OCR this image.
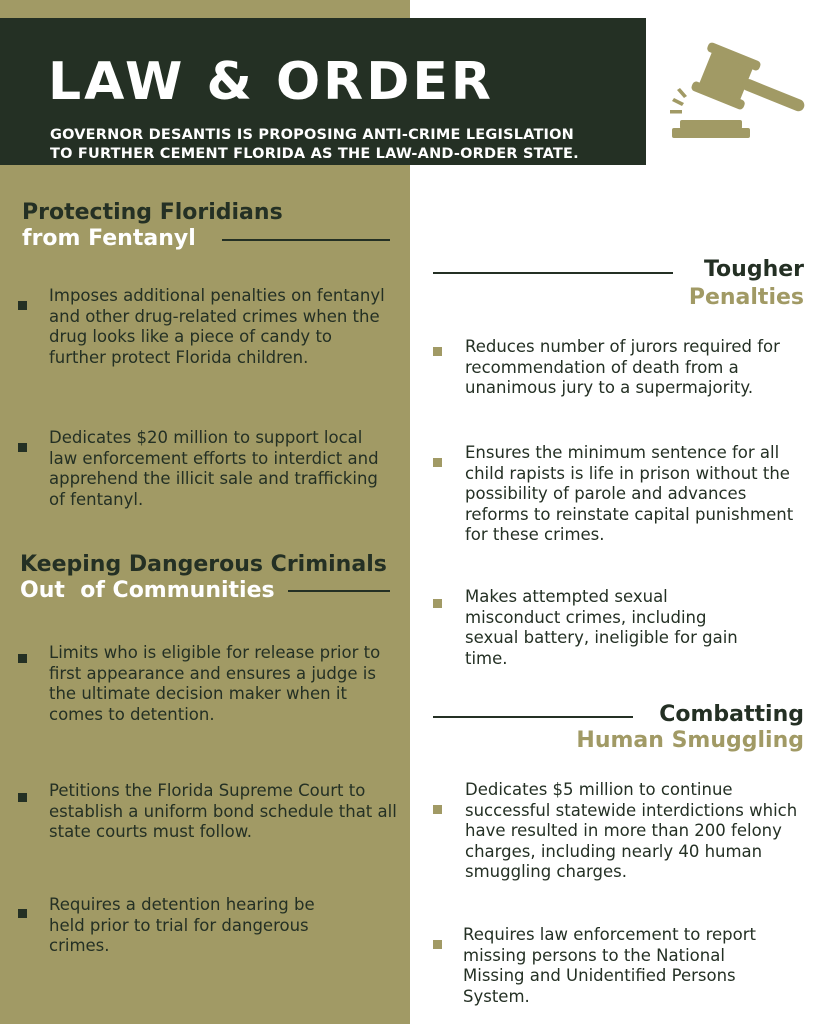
LAW & ORDER
GOVERNOR DESANTIS IS PROPOSING ANTI-CRIME LEGISLATION
TO FURTHER CEMENT FLORIDA AS THE LAW-AND-ORDER STATE.
Protecting Floridians
from Fentanyl
Imposes additional penalties on fentanyl and other drug-related crimes when the drug looks like a piece of candy to further protect Florida children.
Dedicates $20 million to support local law enforcement efforts to interdict and apprehend the illicit sale and trafficking of fentanyl.
Keeping Dangerous Criminals
Out  of Communities
Limits who is eligible for release prior to first appearance and ensures a judge is the ultimate decision maker when it comes to detention.
Petitions the Florida Supreme Court to establish a uniform bond schedule that all state courts must follow.
Requires a detention hearing be held prior to trial for dangerous crimes.
Tougher
Penalties
Reduces number of jurors required for recommendation of death from a unanimous jury to a supermajority.
Ensures the minimum sentence for all child rapists is life in prison without the possibility of parole and advances reforms to reinstate capital punishment for these crimes.
Makes attempted sexual misconduct crimes, including sexual battery, ineligible for gain time.
Combatting
Human Smuggling
Dedicates $5 million to continue successful statewide interdictions which have resulted in more than 200 felony charges, including nearly 40 human smuggling charges.
Requires law enforcement to report missing persons to the National Missing and Unidentified Persons System.
